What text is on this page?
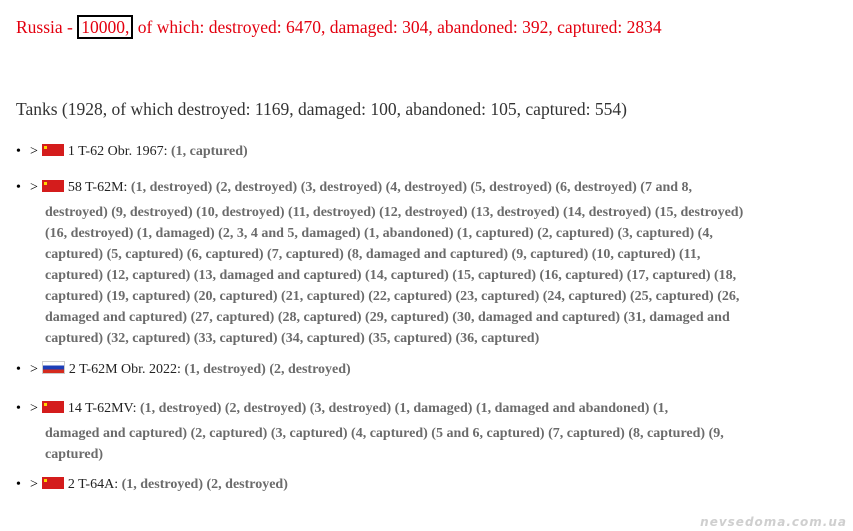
Russia - 10000, of which: destroyed: 6470, damaged: 304, abandoned: 392, captured: 2834
Tanks (1928, of which destroyed: 1169, damaged: 100, abandoned: 105, captured: 554)
• > 1 T-62 Obr. 1967: (1, captured)
• > 58 T-62M: (1, destroyed) (2, destroyed) (3, destroyed) (4, destroyed) (5, destroyed) (6, destroyed) (7 and 8,
destroyed) (9, destroyed) (10, destroyed) (11, destroyed) (12, destroyed) (13, destroyed) (14, destroyed) (15, destroyed) (16, destroyed) (1, damaged) (2, 3, 4 and 5, damaged) (1, abandoned) (1, captured) (2, captured) (3, captured) (4, captured) (5, captured) (6, captured) (7, captured) (8, damaged and captured) (9, captured) (10, captured) (11, captured) (12, captured) (13, damaged and captured) (14, captured) (15, captured) (16, captured) (17, captured) (18, captured) (19, captured) (20, captured) (21, captured) (22, captured) (23, captured) (24, captured) (25, captured) (26, damaged and captured) (27, captured) (28, captured) (29, captured) (30, damaged and captured) (31, damaged and captured) (32, captured) (33, captured) (34, captured) (35, captured) (36, captured)
• > 2 T-62M Obr. 2022: (1, destroyed) (2, destroyed)
• > 14 T-62MV: (1, destroyed) (2, destroyed) (3, destroyed) (1, damaged) (1, damaged and abandoned) (1,
damaged and captured) (2, captured) (3, captured) (4, captured) (5 and 6, captured) (7, captured) (8, captured) (9, captured)
• > 2 T-64A: (1, destroyed) (2, destroyed)
nevsedoma.com.ua
